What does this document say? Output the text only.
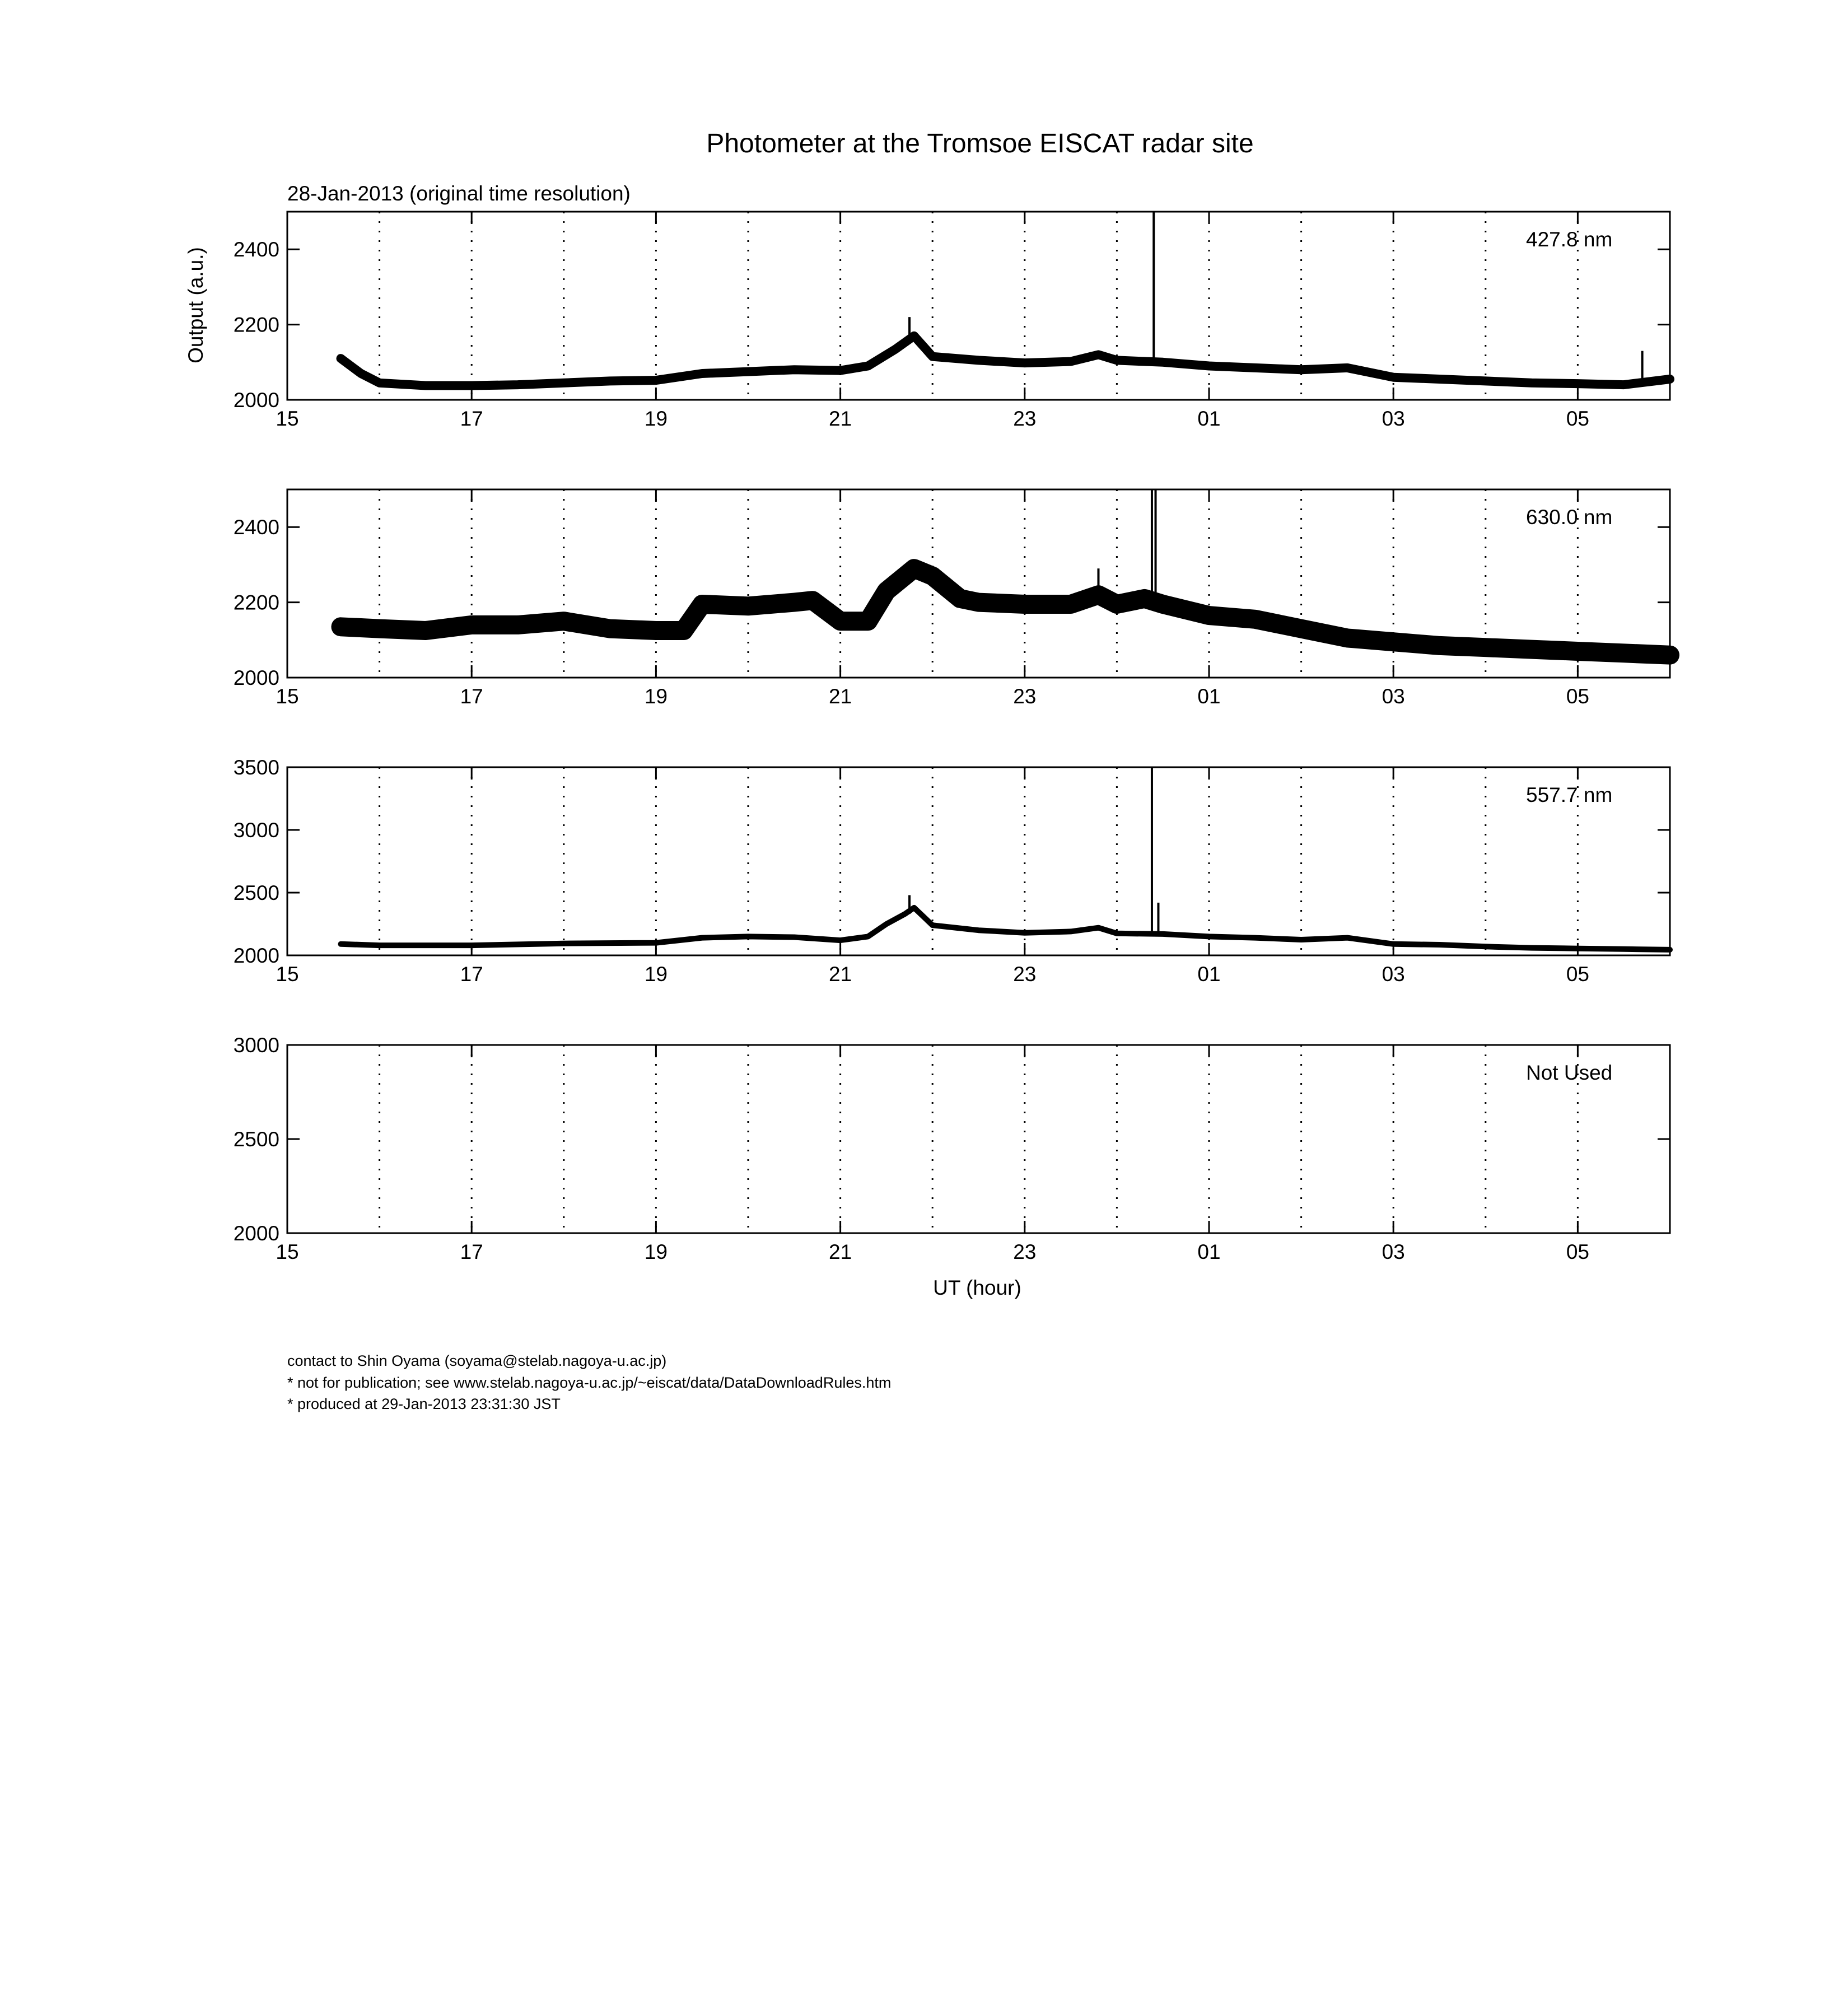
Photometer at the Tromsoe EISCAT radar site
28-Jan-2013 (original time resolution)
Output (a.u.)
UT (hour)
2000
2200
2400
15	17	19	21	23	01	03	05
427.8 nm
2000
2200
2400
15	17	19	21	23	01	03	05
630.0 nm
2000
2500
3000
3500
15	17	19	21	23	01	03	05
557.7 nm
2000
2500
3000
15	17	19	21	23	01	03	05
Not Used
contact to Shin Oyama (soyama@stelab.nagoya-u.ac.jp)
* not for publication; see www.stelab.nagoya-u.ac.jp/~eiscat/data/DataDownloadRules.htm
* produced at 29-Jan-2013 23:31:30 JST
